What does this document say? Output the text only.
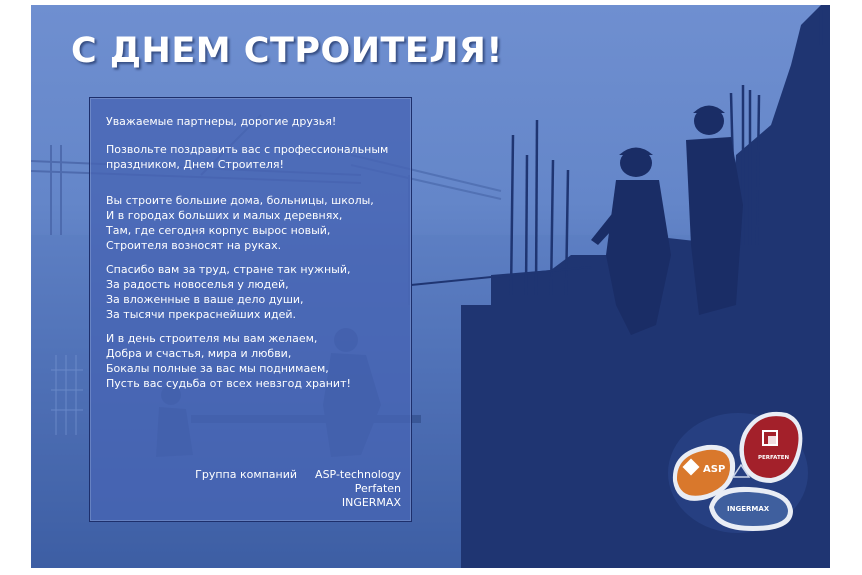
С ДНЕМ СТРОИТЕЛЯ!

Уважаемые партнеры, дорогие друзья!

Позвольте поздравить вас с профессиональным
праздником, Днем Строителя!

Вы строите большие дома, больницы, школы,
И в городах больших и малых деревнях,
Там, где сегодня корпус вырос новый,
Строителя возносят на руках.

Спасибо вам за труд, стране так нужный,
За радость новоселья у людей,
За вложенные в ваше дело души,
За тысячи прекраснейших идей.

И в день строителя мы вам желаем,
Добра и счастья, мира и любви,
Бокалы полные за вас мы поднимаем,
Пусть вас судьба от всех невзгод хранит!

Группа компаний ASP-technology
Perfaten
INGERMAX
ASP
PERFATEN
INGERMAX
